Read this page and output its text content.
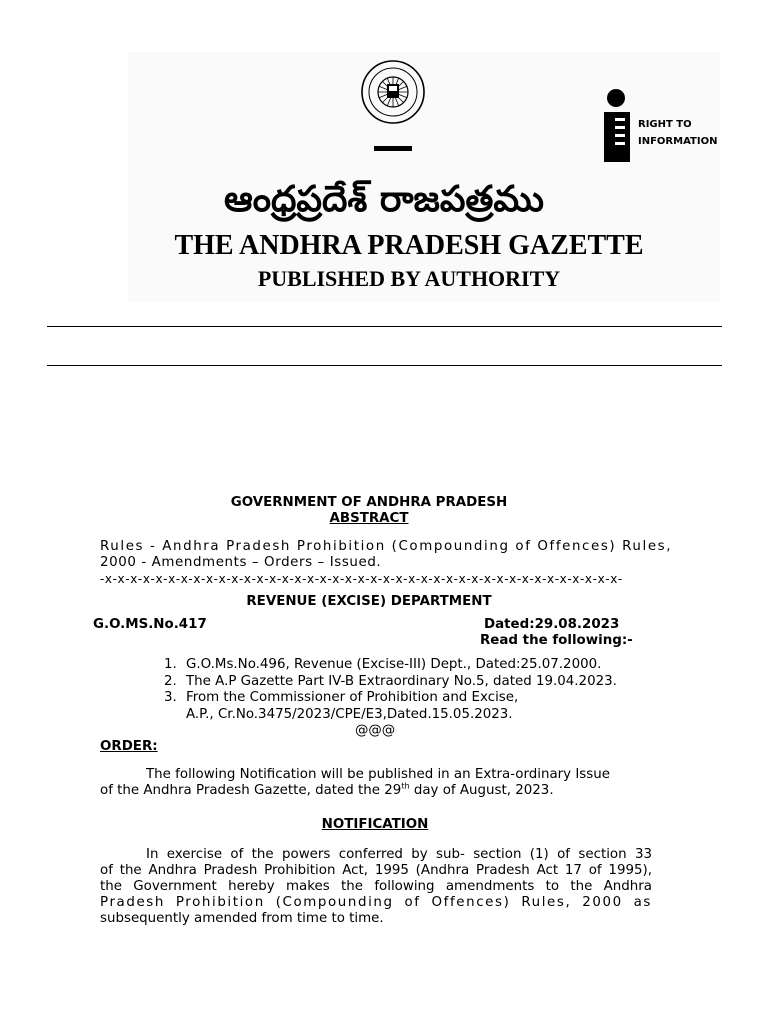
RIGHT TO
INFORMATION
ఆంధ్రప్రదేశ్ రాజపత్రము
THE ANDHRA PRADESH GAZETTE
PUBLISHED BY AUTHORITY
GOVERNMENT OF ANDHRA PRADESH
ABSTRACT
Rules - Andhra Pradesh Prohibition (Compounding of Offences) Rules,
2000 - Amendments – Orders – Issued.
-x-x-x-x-x-x-x-x-x-x-x-x-x-x-x-x-x-x-x-x-x-x-x-x-x-x-x-x-x-x-x-x-x-x-x-x-x-x-x-x-x-
REVENUE (EXCISE) DEPARTMENT
G.O.MS.No.417	Dated:29.08.2023
Read the following:-
1. G.O.Ms.No.496, Revenue (Excise-III) Dept., Dated:25.07.2000.
2. The A.P Gazette Part IV-B Extraordinary No.5, dated 19.04.2023.
3. From the Commissioner of Prohibition and Excise,
A.P., Cr.No.3475/2023/CPE/E3,Dated.15.05.2023.
@@@
ORDER:
The following Notification will be published in an Extra-ordinary Issue
of the Andhra Pradesh Gazette, dated the 29th day of August, 2023.
NOTIFICATION
In exercise of the powers conferred by sub- section (1) of section 33
of the Andhra Pradesh Prohibition Act, 1995 (Andhra Pradesh Act 17 of 1995),
the Government hereby makes the following amendments to the Andhra
Pradesh Prohibition (Compounding of Offences) Rules, 2000 as
subsequently amended from time to time.
